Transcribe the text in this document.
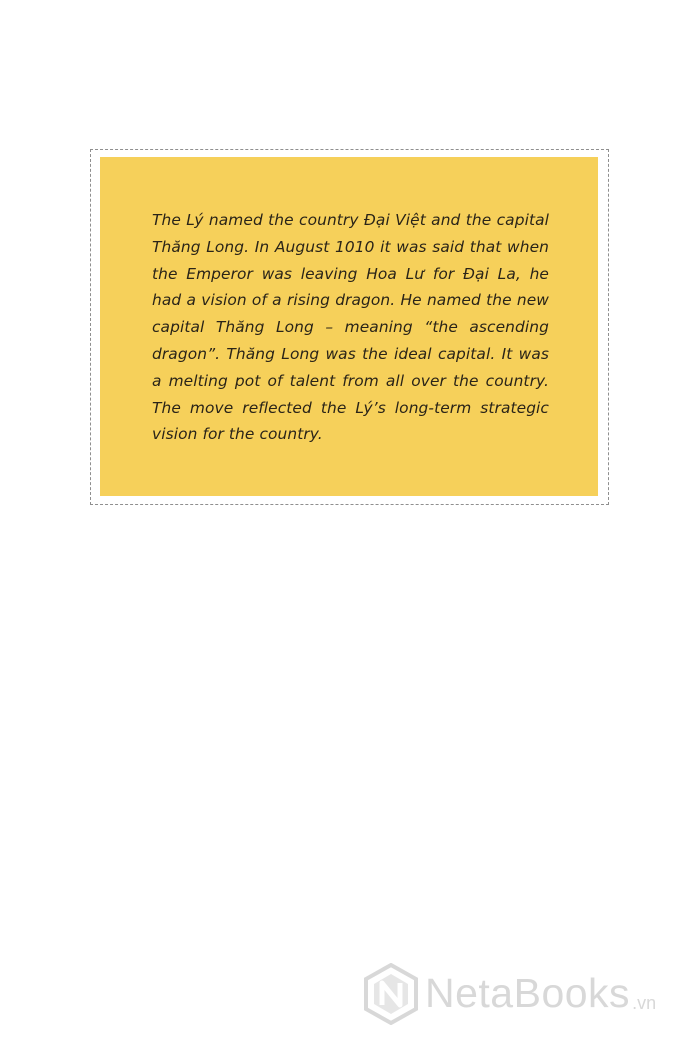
The Lý named the country Đại Việt and the capital Thăng Long. In August 1010 it was said that when the Emperor was leaving Hoa Lư for Đại La, he had a vision of a rising dragon. He named the new capital Thăng Long – meaning “the ascending dragon”. Thăng Long was the ideal capital. It was a melting pot of talent from all over the country. The move reflected the Lý’s long-term strategic vision for the country.

NetaBooks .vn
